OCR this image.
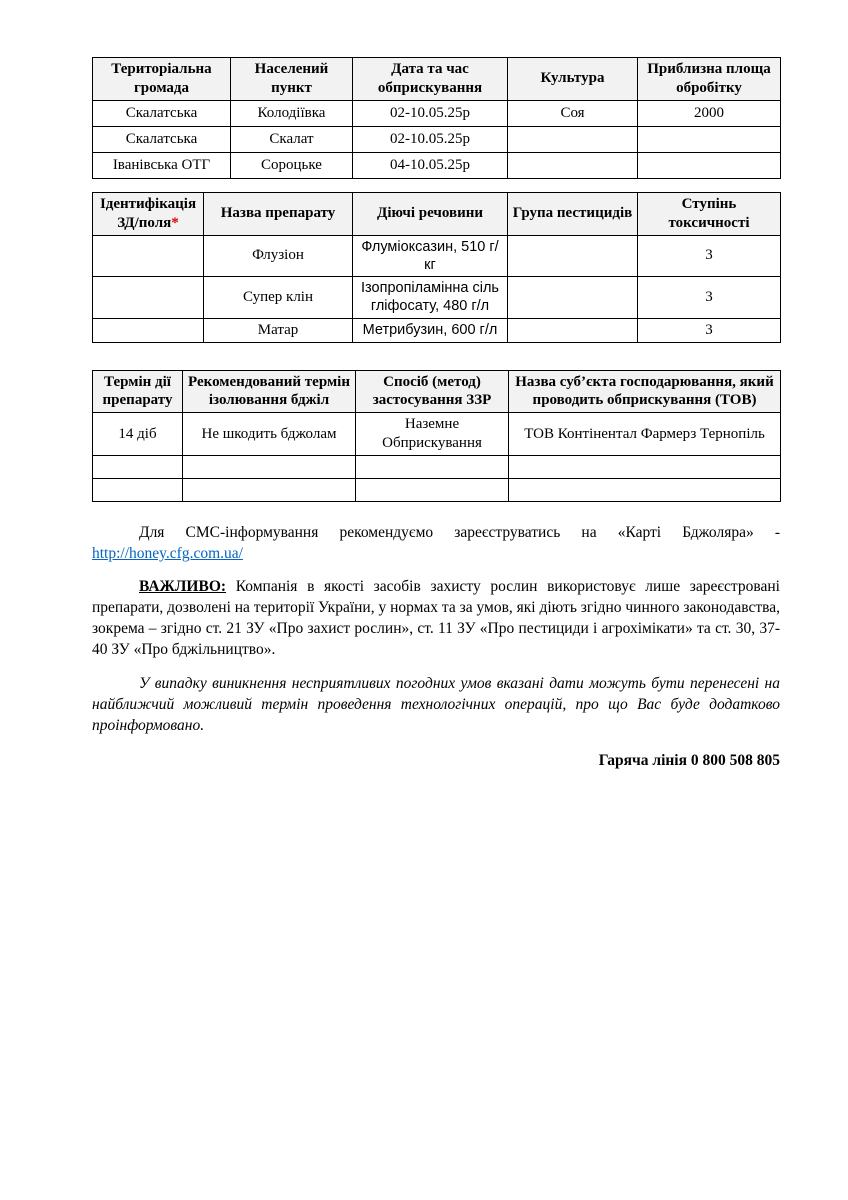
Територіальна громада	Населений пункт	Дата та час обприскування	Культура	Приблизна площа обробітку
Скалатська	Колодіївка	02-10.05.25р	Соя	2000
Скалатська	Скалат	02-10.05.25р		
Іванівська ОТГ	Сороцьке	04-10.05.25р		
Ідентифікація ЗД/поля*	Назва препарату	Діючі речовини	Група пестицидів	Ступінь токсичності
	Флузіон	Флуміоксазин, 510 г/кг		3
	Супер клін	Ізопропіламінна сіль гліфосату, 480 г/л		3
	Матар	Метрибузин, 600 г/л		3
Термін дії препарату	Рекомендований термін ізолювання бджіл	Спосіб (метод) застосування ЗЗР	Назва суб’єкта господарювання, який проводить обприскування (ТОВ)
14 діб	Не шкодить бджолам	Наземне Обприскування	ТОВ Контінентал Фармерз Тернопіль

Для СМС-інформування рекомендуємо зареєструватись на «Карті Бджоляра» - http://honey.cfg.com.ua/

ВАЖЛИВО: Компанія в якості засобів захисту рослин використовує лише зареєстровані препарати, дозволені на території України, у нормах та за умов, які діють згідно чинного законодавства, зокрема – згідно ст. 21 ЗУ «Про захист рослин», ст. 11 ЗУ «Про пестициди і агрохімікати» та ст. 30, 37-40 ЗУ «Про бджільництво».

У випадку виникнення несприятливих погодних умов вказані дати можуть бути перенесені на найближчий можливий термін проведення технологічних операцій, про що Вас буде додатково проінформовано.

Гаряча лінія 0 800 508 805
